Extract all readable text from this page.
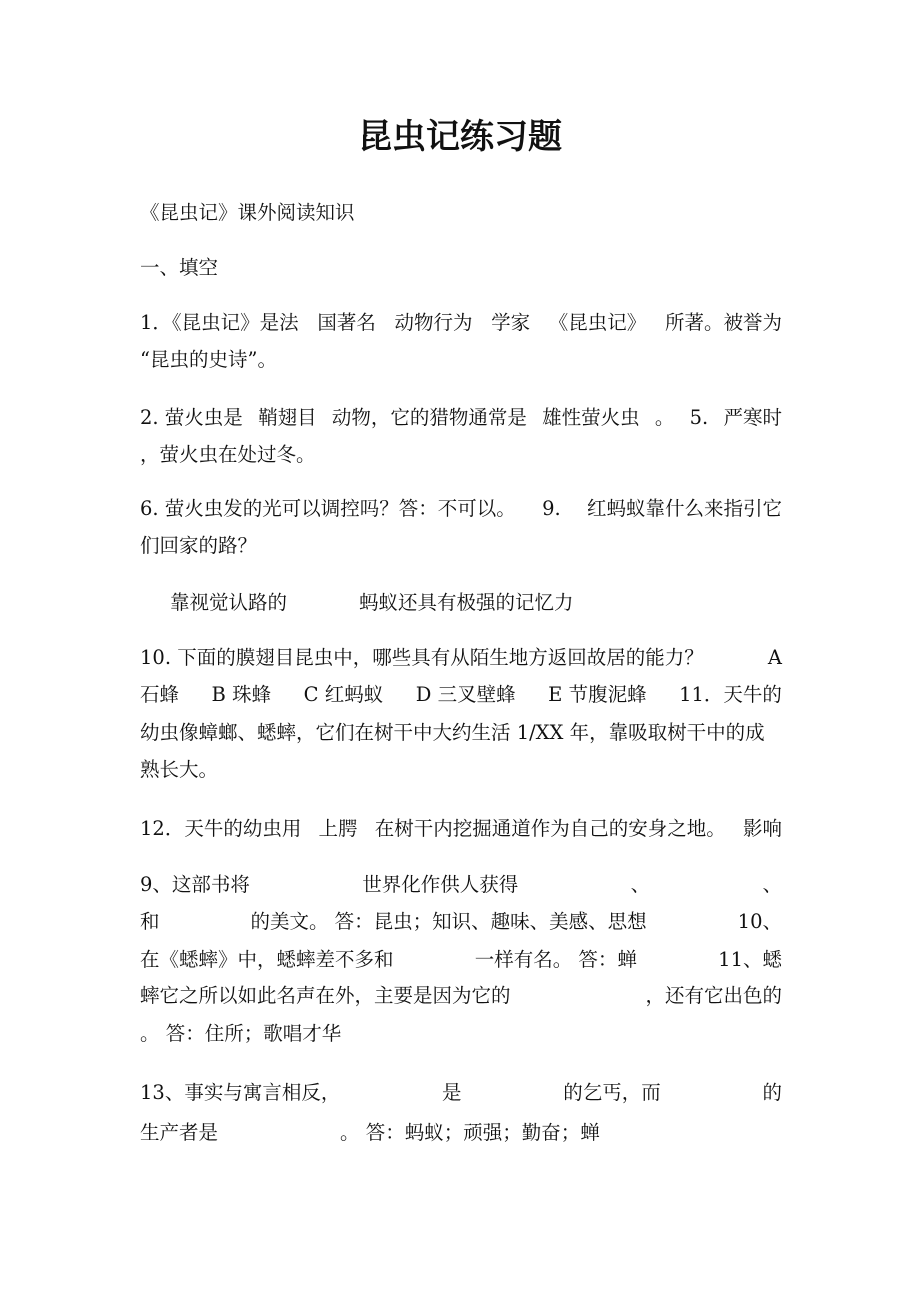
昆虫记练习题
《昆虫记》课外阅读知识
一、填空
1．《昆虫记》是法 国著名 动物行为 学家 《昆虫记》 所著。被誉为
“昆虫的史诗”。
2. 萤火虫是 鞘翅目 动物，它的猎物通常是 雄性萤火虫 。 5. 严寒时
，萤火虫在处过冬。
6. 萤火虫发的光可以调控吗？答：不可以。 9. 红蚂蚁靠什么来指引它
们回家的路？
靠视觉认路的	蚂蚁还具有极强的记忆力
10. 下面的膜翅目昆虫中，哪些具有从陌生地方返回故居的能力？	A
石蜂 B 珠蜂 C 红蚂蚁 D 三叉壁蜂 E 节腹泥蜂 11．天牛的
幼虫像蟑螂、蟋蟀，它们在树干中大约生活 1/XX 年，靠吸取树干中的成
熟长大。
12．天牛的幼虫用 上腭 在树干内挖掘通道作为自己的安身之地。 影响
9、这部书将	世界化作供人获得	、	、
和	的美文。 答：昆虫；知识、趣味、美感、思想	10、
在《蟋蟀》中，蟋蟀差不多和	一样有名。 答：蝉	11、蟋
蟀它之所以如此名声在外，主要是因为它的	，还有它出色的
。 答：住所；歌唱才华
13、事实与寓言相反，	是	的乞丐，而	的
生产者是	。 答：蚂蚁；顽强；勤奋；蝉
